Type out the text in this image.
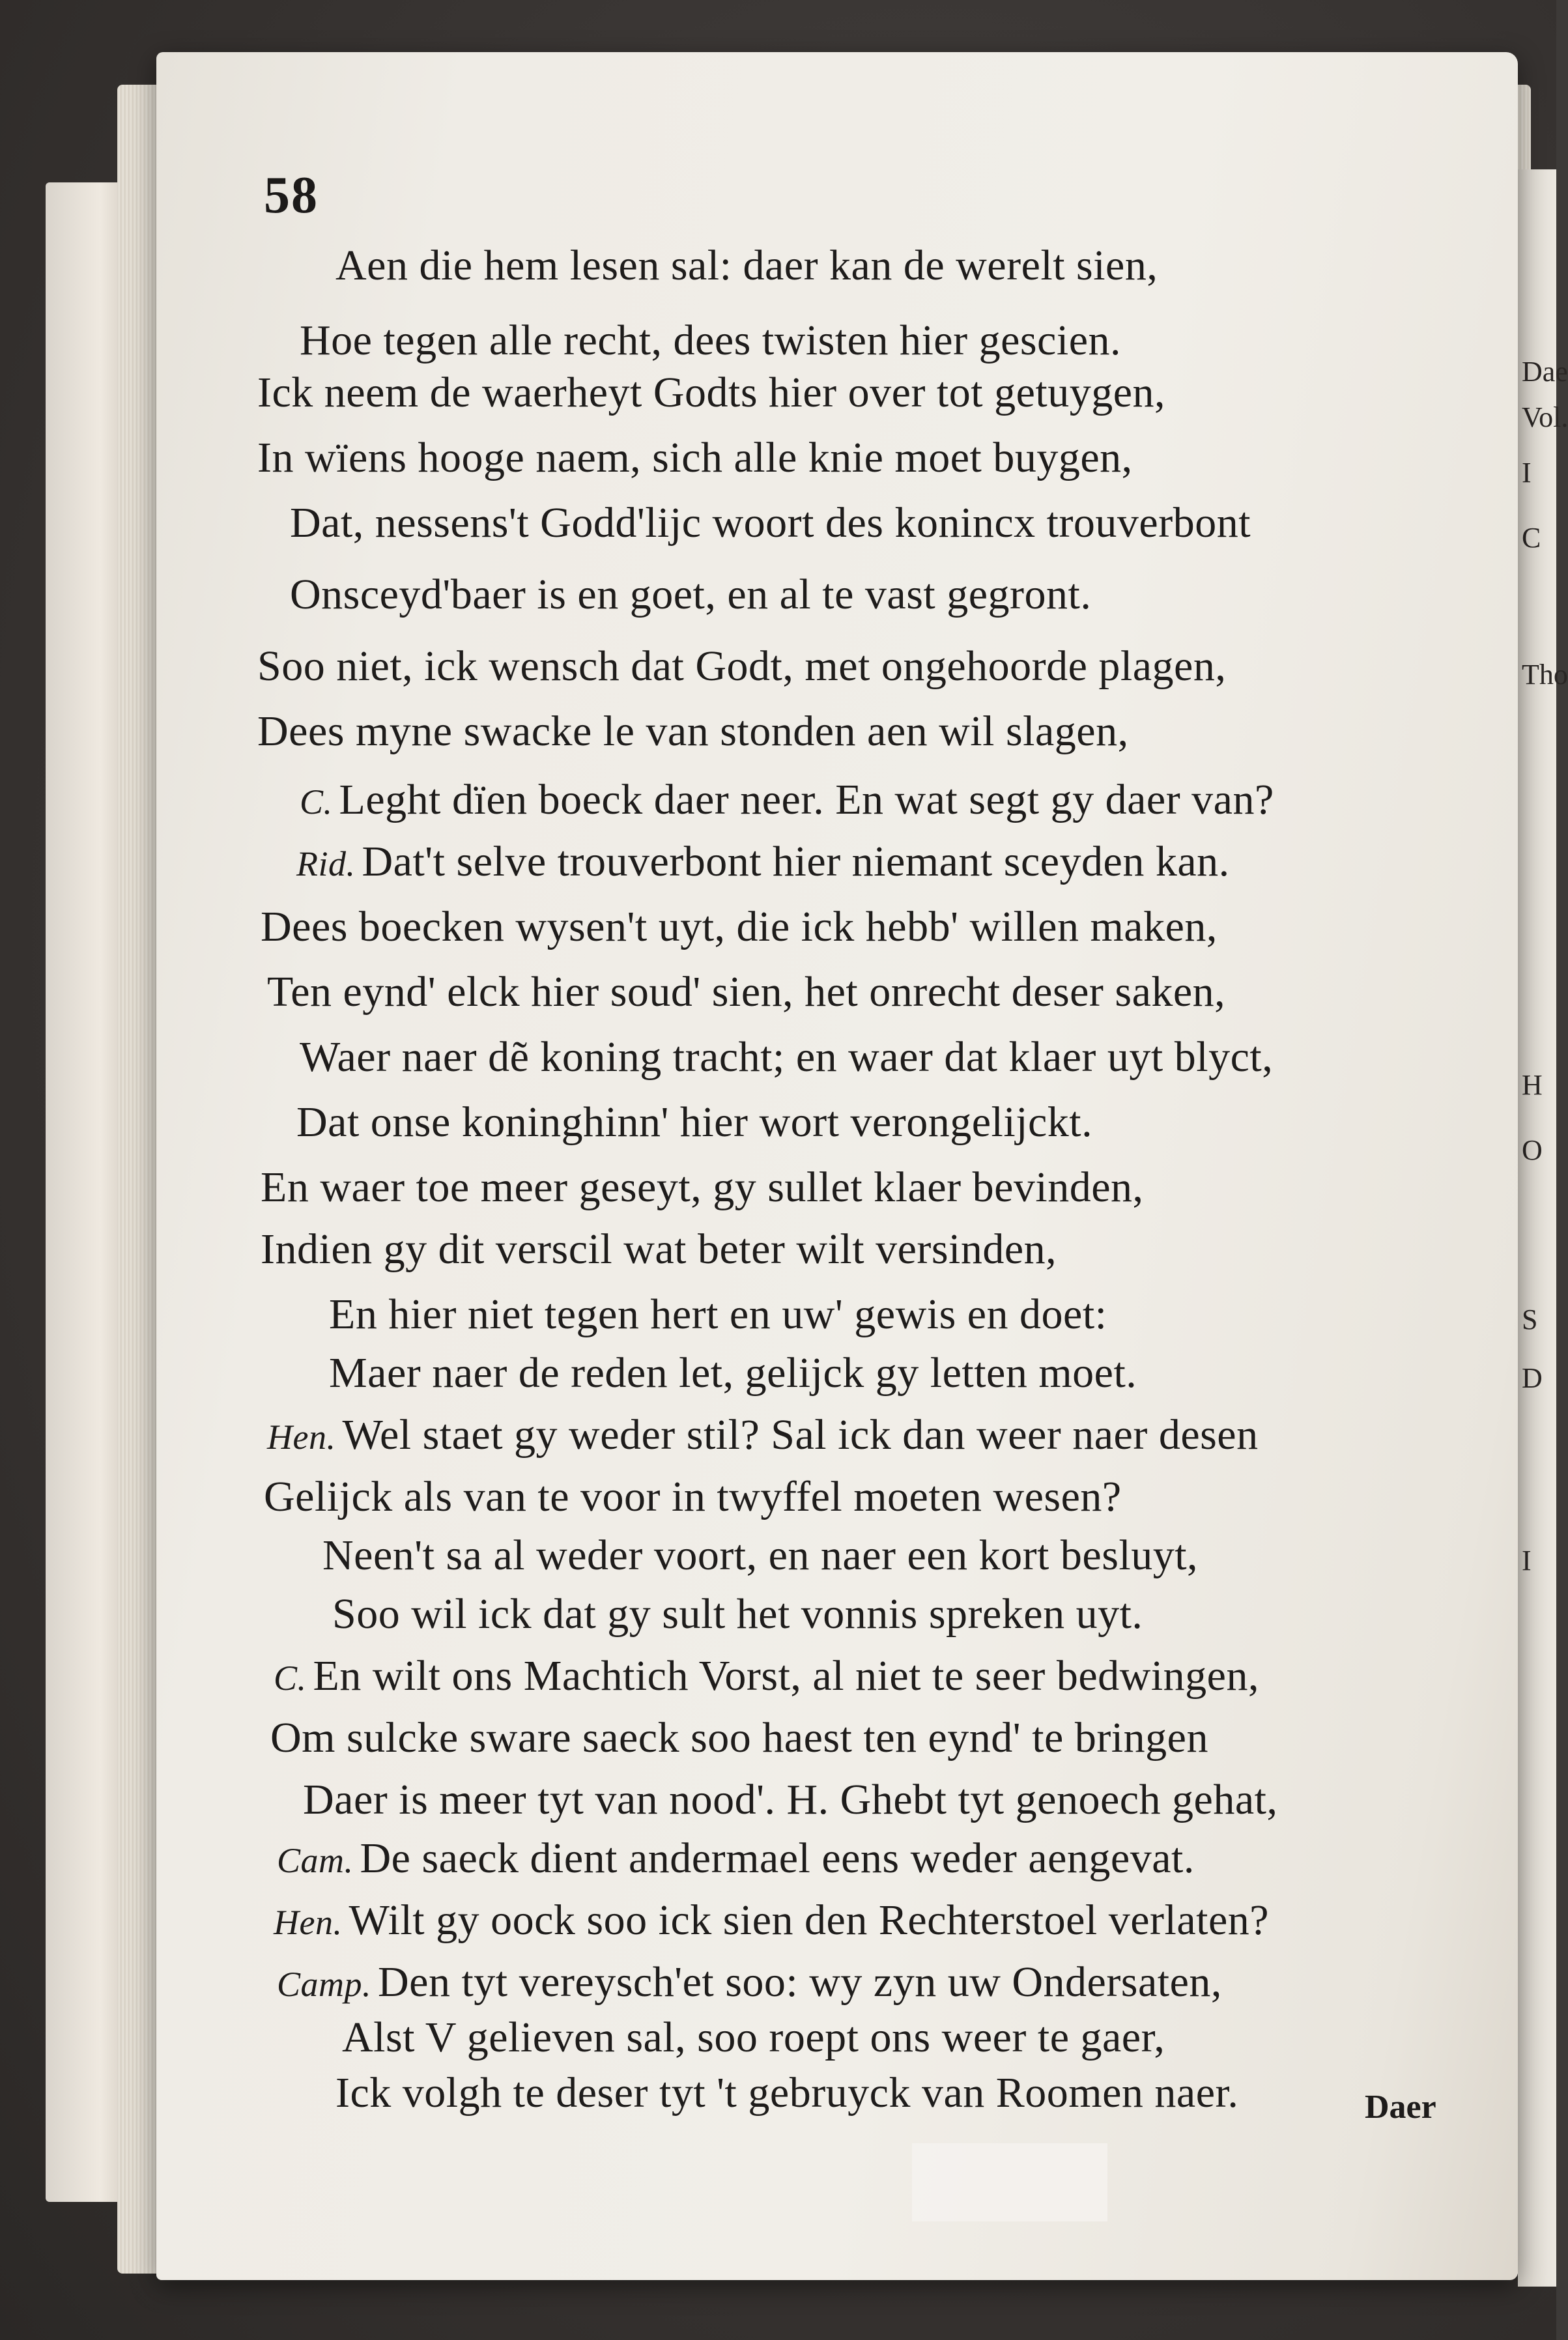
Dae
Vol.
I
C
Tho
H
O
S
D
I
58
Aen die hem lesen sal: daer kan de werelt sien,
Hoe tegen alle recht, dees twisten hier gescien.
Ick neem de waerheyt Godts hier over tot getuygen,
In wïens hooge naem, sich alle knie moet buygen,
Dat, nessens't Godd'lijc woort des konincx trouverbont
Onsceyd'baer is en goet, en al te vast gegront.
Soo niet, ick wensch dat Godt, met ongehoorde plagen,
Dees myne swacke le van stonden aen wil slagen,
C. Leght dïen boeck daer neer. En wat segt gy daer van?
Rid. Dat't selve trouverbont hier niemant sceyden kan.
Dees boecken wysen't uyt, die ick hebb' willen maken,
Ten eynd' elck hier soud' sien, het onrecht deser saken,
Waer naer dẽ koning tracht; en waer dat klaer uyt blyct,
Dat onse koninghinn' hier wort verongelijckt.
En waer toe meer geseyt, gy sullet klaer bevinden,
Indien gy dit verscil wat beter wilt versinden,
En hier niet tegen hert en uw' gewis en doet:
Maer naer de reden let, gelijck gy letten moet.
Hen. Wel staet gy weder stil? Sal ick dan weer naer desen
Gelijck als van te voor in twyffel moeten wesen?
Neen't sa al weder voort, en naer een kort besluyt,
Soo wil ick dat gy sult het vonnis spreken uyt.
C. En wilt ons Machtich Vorst, al niet te seer bedwingen,
Om sulcke sware saeck soo haest ten eynd' te bringen
Daer is meer tyt van nood'. H. Ghebt tyt genoech gehat,
Cam. De saeck dient andermael eens weder aengevat.
Hen. Wilt gy oock soo ick sien den Rechterstoel verlaten?
Camp. Den tyt vereysch'et soo: wy zyn uw Ondersaten,
Alst V gelieven sal, soo roept ons weer te gaer,
Ick volgh te deser tyt 't gebruyck van Roomen naer.	Daer
